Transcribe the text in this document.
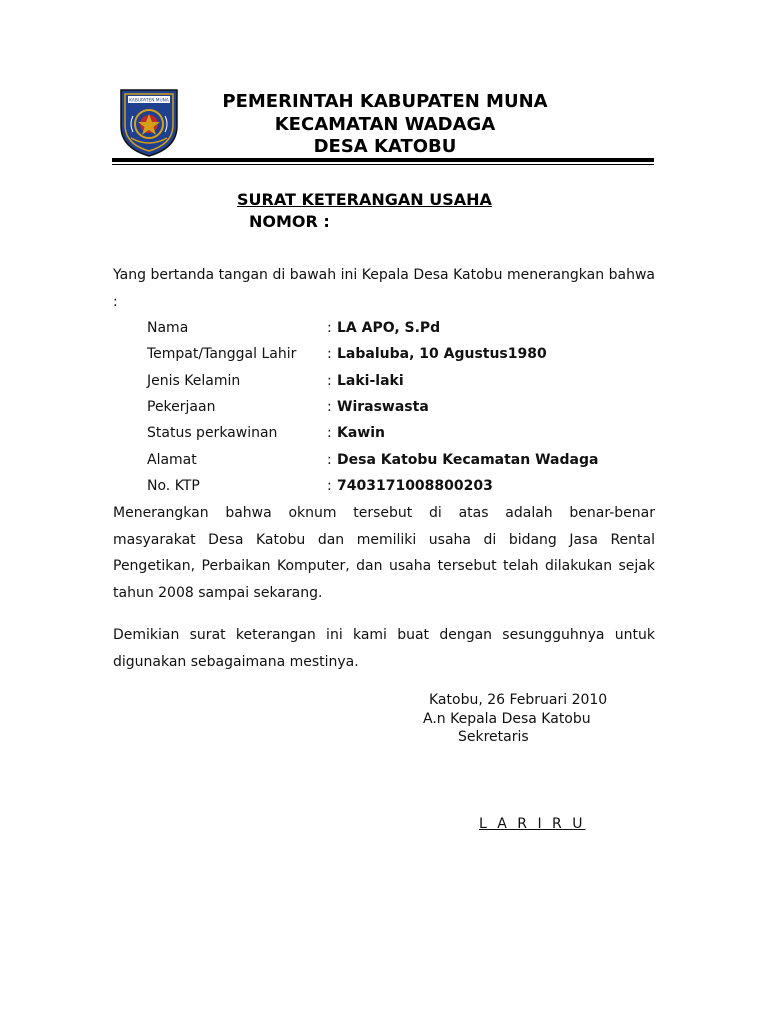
KABUPATEN MUNA	PEMERINTAH KABUPATEN MUNA
KECAMATAN WADAGA
DESA KATOBU
SURAT KETERANGAN USAHA
NOMOR :
Yang bertanda tangan di bawah ini Kepala Desa Katobu menerangkan bahwa :
Nama	: LA APO, S.Pd
Tempat/Tanggal Lahir : Labaluba, 10 Agustus1980
Jenis Kelamin	: Laki-laki
Pekerjaan	: Wiraswasta
Status perkawinan	: Kawin
Alamat	: Desa Katobu Kecamatan Wadaga
No. KTP	: 7403171008800203
Menerangkan bahwa oknum tersebut di atas adalah benar-benar masyarakat Desa Katobu dan memiliki usaha di bidang Jasa Rental Pengetikan, Perbaikan Komputer, dan usaha tersebut telah dilakukan sejak tahun 2008 sampai sekarang.
Demikian surat keterangan ini kami buat dengan sesungguhnya untuk digunakan sebagaimana mestinya.
Katobu, 26 Februari 2010
A.n Kepala Desa Katobu
Sekretaris
L A R I R U
